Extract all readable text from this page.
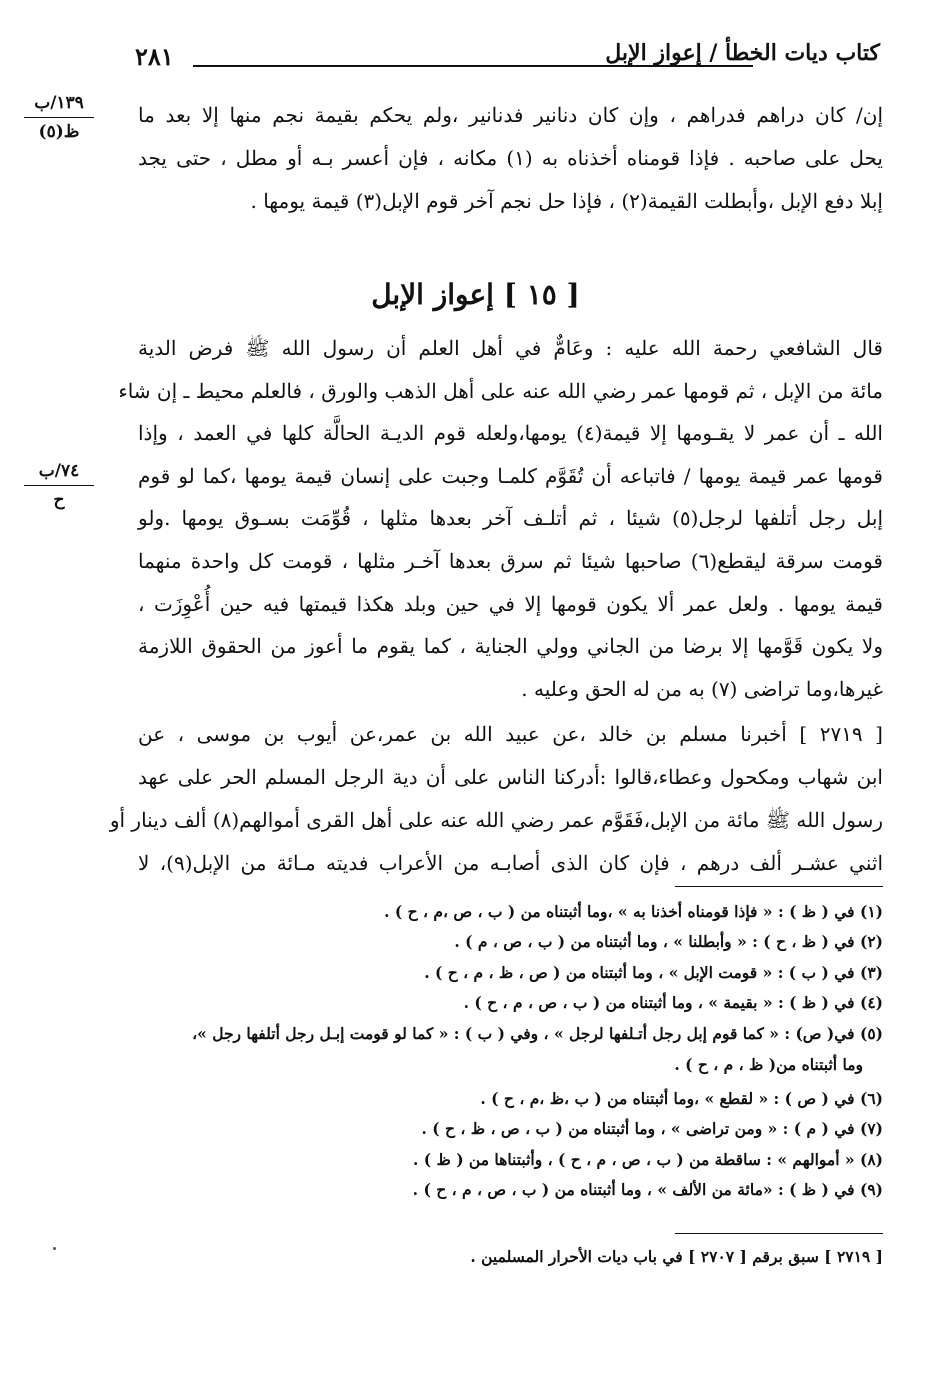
٢٨١	كتاب ديات الخطأ / إعواز الإبل
١٣٩/ب
ظ(٥)
٧٤/ب
ح
إن/ كان دراهم فدراهم ، وإن كان دنانير فدنانير ،ولم يحكم بقيمة نجم منها إلا بعد ما
يحل على صاحبه . فإذا قومناه أخذناه به (١) مكانه ، فإن أعسر بـه أو مطل ، حتى يجد
إبلا دفع الإبل ،وأبطلت القيمة(٢) ، فإذا حل نجم آخر قوم الإبل(٣) قيمة يومها .
[ ١٥ ] إعواز الإبل
قال الشافعي رحمة الله عليه : وعَامٌّ في أهل العلم أن رسول الله ﷺ فرض الدية
مائة من الإبل ، ثم قومها عمر رضي الله عنه على أهل الذهب والورق ، فالعلم محيط ـ إن شاء
الله ـ أن عمر لا يقـومها إلا قيمة(٤) يومها،ولعله قوم الديـة الحالَّة كلها في العمد ، وإذا
قومها عمر قيمة يومها / فاتباعه أن تُقَوَّم كلمـا وجبت على إنسان قيمة يومها ،كما لو قوم
إبل رجل أتلفها لرجل(٥) شيئا ، ثم أتلـف آخر بعدها مثلها ، قُوِّمَت بسـوق يومها .ولو
قومت سرقة ليقطع(٦) صاحبها شيئا ثم سرق بعدها آخـر مثلها ، قومت كل واحدة منهما
قيمة يومها . ولعل عمر ألا يكون قومها إلا في حين وبلد هكذا قيمتها فيه حين أُعْوِزَت ،
ولا يكون قَوَّمها إلا برضا من الجاني وولي الجناية ، كما يقوم ما أعوز من الحقوق اللازمة
غيرها،وما تراضى (٧) به من له الحق وعليه .
[ ٢٧١٩ ] أخبرنا مسلم بن خالد ،عن عبيد الله بن عمر،عن أيوب بن موسى ، عن
ابن شهاب ومكحول وعطاء،قالوا :أدركنا الناس على أن دية الرجل المسلم الحر على عهد
رسول الله ﷺ مائة من الإبل،فَقَوَّم عمر رضي الله عنه على أهل القرى أموالهم(٨) ألف دينار أو
اثني عشـر ألف درهم ، فإن كان الذى أصابـه من الأعراب فديته مـائة من الإبل(٩)، لا
(١) في ( ظ ) : « فإذا قومناه أخذنا به » ،وما أثبتناه من ( ب ، ص ،م ، ح ) .
(٢) في ( ظ ، ح ) : « وأبطلنا » ، وما أثبتناه من ( ب ، ص ، م ) .
(٣) في ( ب ) : « قومت الإبل » ، وما أثبتناه من ( ص ، ظ ، م ، ح ) .
(٤) في ( ظ ) : « بقيمة » ، وما أثبتناه من ( ب ، ص ، م ، ح ) .
(٥) في( ص) : « كما قوم إبل رجل أتـلفها لرجل » ، وفي ( ب ) : « كما لو قومت إبـل رجل أتلفها رجل »،
وما أثبتناه من( ظ ، م ، ح ) .
(٦) في ( ص ) : « لقطع » ،وما أثبتناه من ( ب ،ظ ،م ، ح ) .
(٧) في ( م ) : « ومن تراضى » ، وما أثبتناه من ( ب ، ص ، ظ ، ح ) .
(٨) « أموالهم » : ساقطة من ( ب ، ص ، م ، ح ) ، وأثبتناها من ( ظ ) .
(٩) في ( ظ ) : «مائة من الألف » ، وما أثبتناه من ( ب ، ص ، م ، ح ) .
[ ٢٧١٩ ] سبق برقم [ ٢٧٠٧ ] في باب ديات الأحرار المسلمين .
